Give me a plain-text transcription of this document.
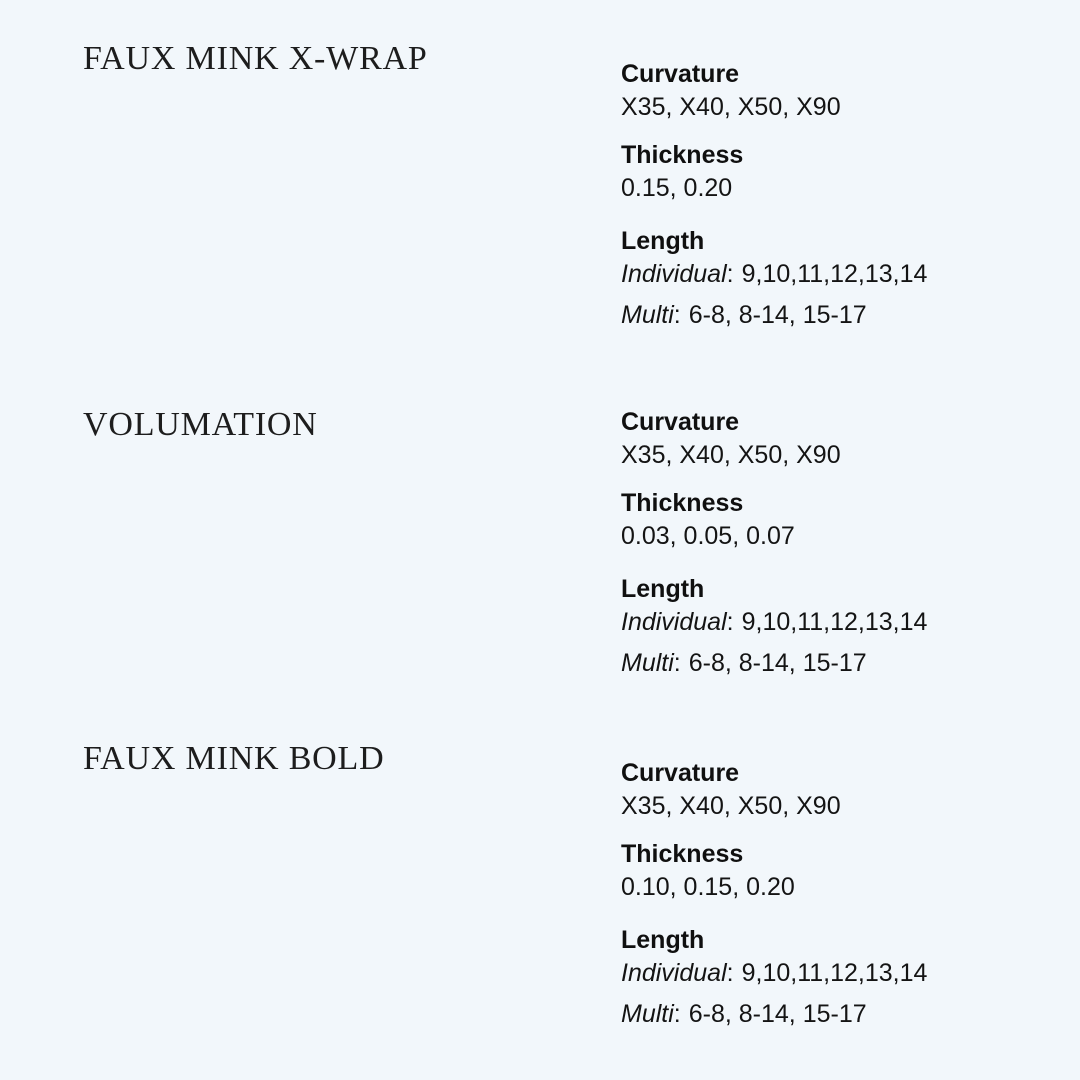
FAUX MINK X-WRAP	Curvature
X35, X40, X50, X90
Thickness
0.15, 0.20
Length
Individual: 9,10,11,12,13,14
Multi: 6-8, 8-14, 15-17
VOLUMATION	Curvature
X35, X40, X50, X90
Thickness
0.03, 0.05, 0.07
Length
Individual: 9,10,11,12,13,14
Multi: 6-8, 8-14, 15-17
FAUX MINK BOLD	Curvature
X35, X40, X50, X90
Thickness
0.10, 0.15, 0.20
Length
Individual: 9,10,11,12,13,14
Multi: 6-8, 8-14, 15-17
